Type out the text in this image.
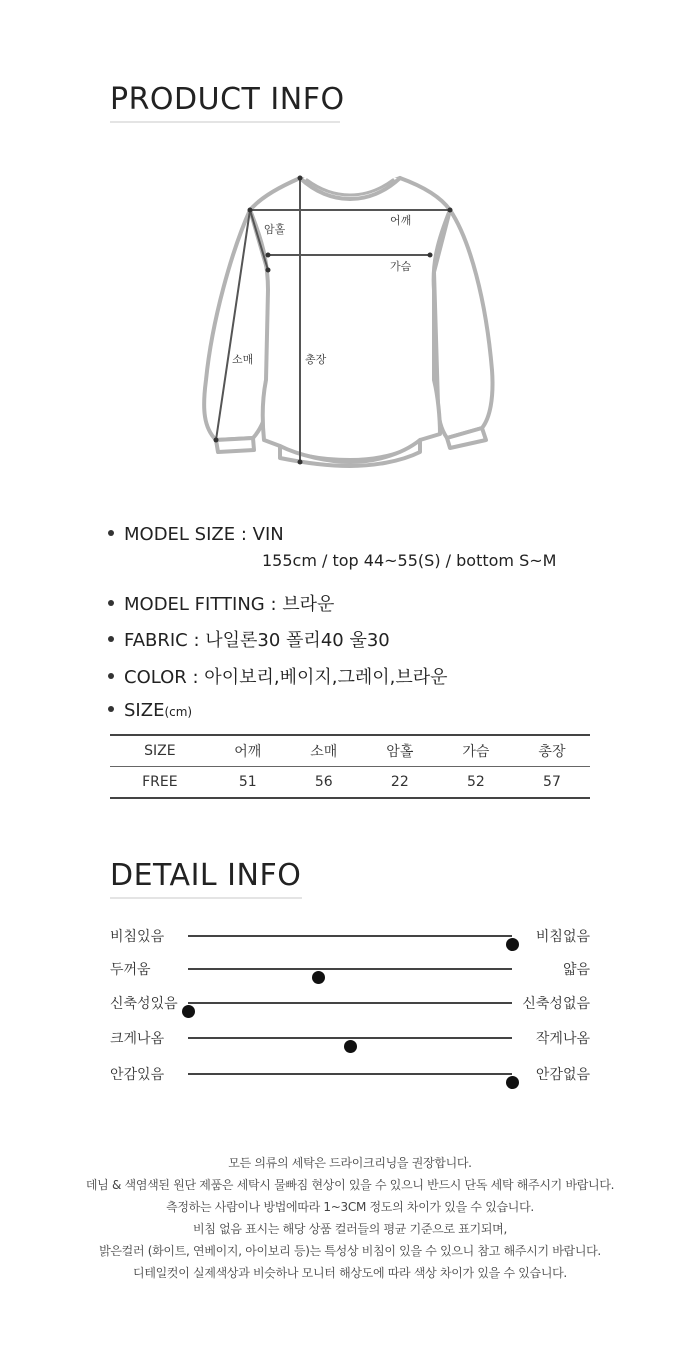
PRODUCT INFO
어깨
가슴
암홀
소매	총장
MODEL SIZE : VIN
155cm / top 44~55(S) / bottom S~M
MODEL FITTING : 브라운
FABRIC : 나일론30 폴리40 울30
COLOR : 아이보리,베이지,그레이,브라운
SIZE(cm)
SIZE	어깨	소매	암홀	가슴	총장
FREE	51	56	22	52	57
DETAIL INFO
비침있음	비침없음
두꺼움	얇음
신축성있음	신축성없음
크게나옴	작게나옴
안감있음	안감없음
모든 의류의 세탁은 드라이크리닝을 권장합니다.
데님 & 색염색된 원단 제품은 세탁시 물빠짐 현상이 있을 수 있으니 반드시 단독 세탁 해주시기 바랍니다.
측정하는 사람이나 방법에따라 1~3CM 정도의 차이가 있을 수 있습니다.
비침 없음 표시는 해당 상품 컬러들의 평균 기준으로 표기되며,
밝은컬러 (화이트, 연베이지, 아이보리 등)는 특성상 비침이 있을 수 있으니 참고 해주시기 바랍니다.
디테일컷이 실제색상과 비슷하나 모니터 해상도에 따라 색상 차이가 있을 수 있습니다.
